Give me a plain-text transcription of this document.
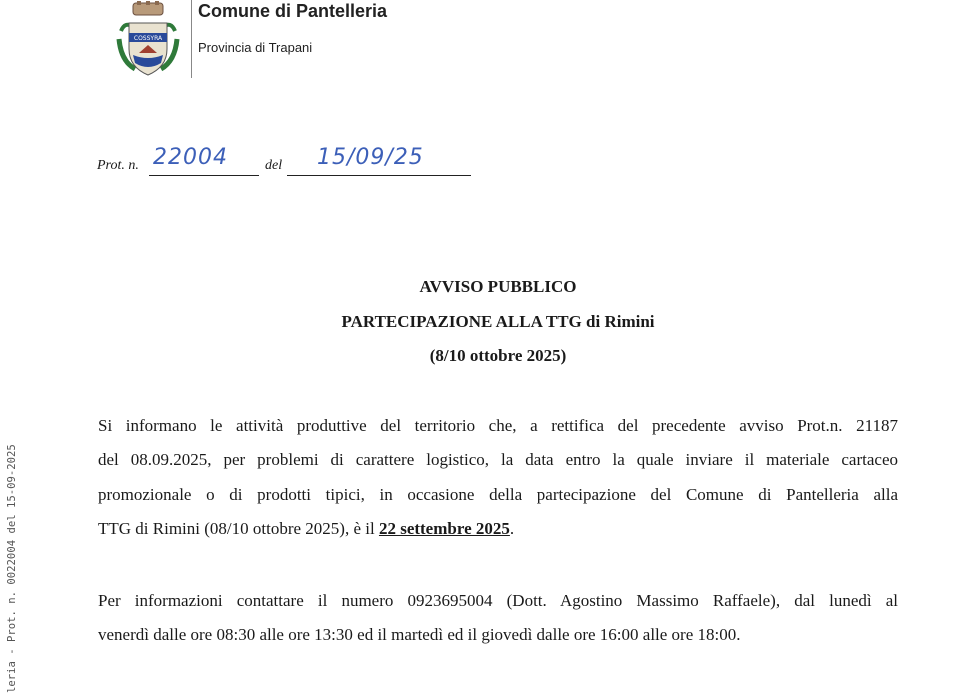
COSSYRA
Comune di Pantelleria
Provincia di Trapani
Prot. n. 22004	del 15/09/25
AVVISO PUBBLICO
PARTECIPAZIONE ALLA TTG di Rimini
(8/10 ottobre 2025)
Si informano le attività produttive del territorio che, a rettifica del precedente avviso Prot.n. 21187
del 08.09.2025, per problemi di carattere logistico, la data entro la quale inviare il materiale cartaceo
promozionale o di prodotti tipici, in occasione della partecipazione del Comune di Pantelleria alla
TTG di Rimini (08/10 ottobre 2025), è il 22 settembre 2025.
Per informazioni contattare il numero 0923695004 (Dott. Agostino Massimo Raffaele), dal lunedì al
venerdì dalle ore 08:30 alle ore 13:30 ed il martedì ed il giovedì dalle ore 16:00 alle ore 18:00.
leria - Prot. n. 0022004 del 15-09-2025
